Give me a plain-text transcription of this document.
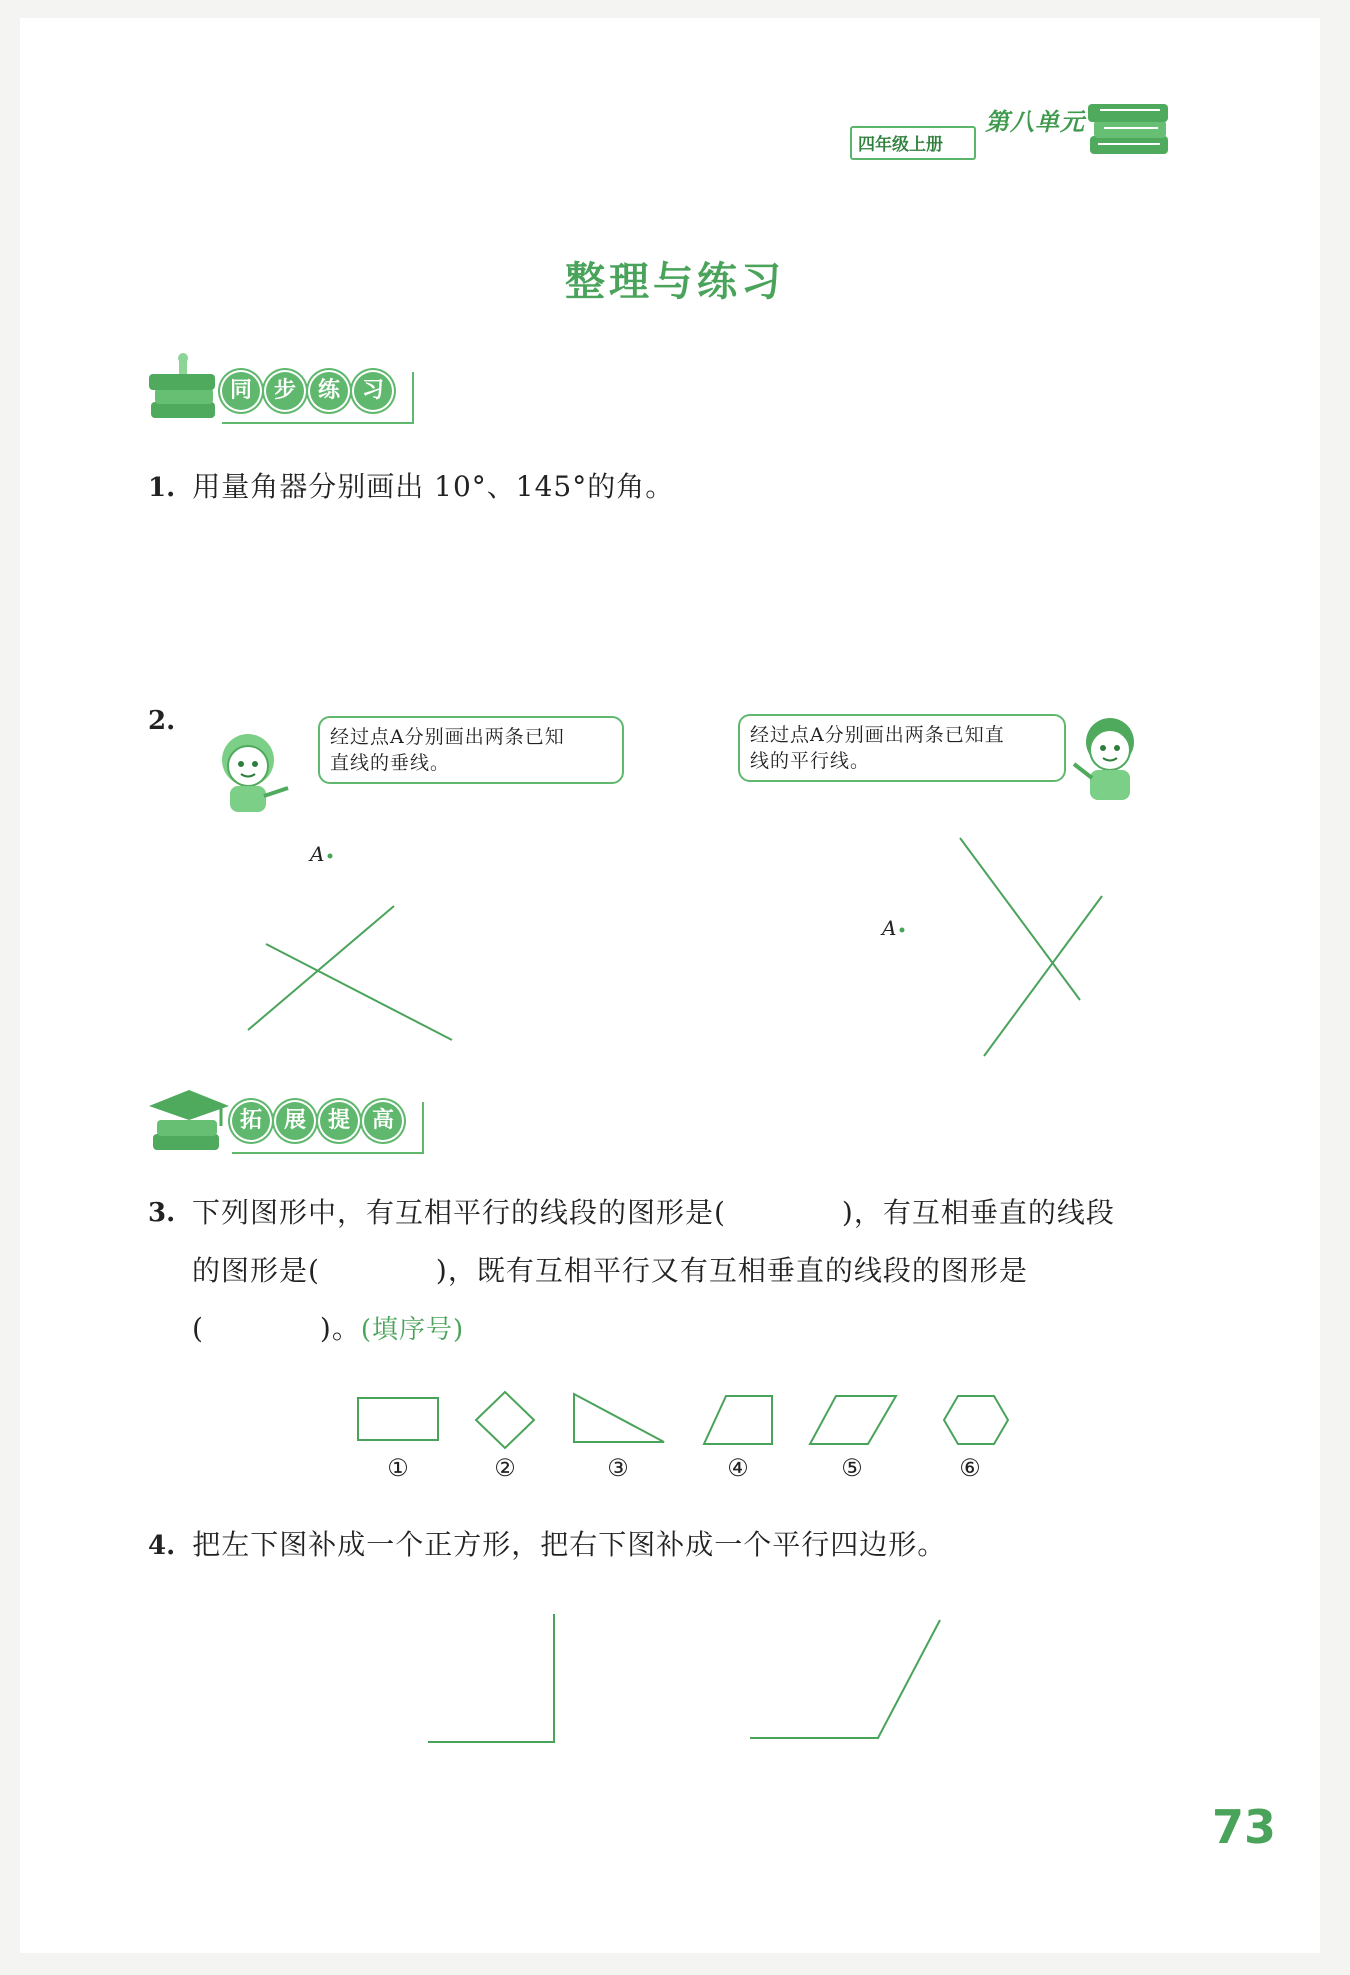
四年级上册
第八单元
整理与练习
同 步 练 习
1. 用量角器分别画出 10°、145°的角。
2.
经过点A分别画出两条已知
直线的垂线。
经过点A分别画出两条已知直
线的平行线。
A
A
拓 展 提 高
3. 下列图形中，有互相平行的线段的图形是(　　　　)，有互相垂直的线段
的图形是(　　　　)，既有互相平行又有互相垂直的线段的图形是
(　　　　)。(填序号)
①	②	③	④	⑤	⑥
4. 把左下图补成一个正方形，把右下图补成一个平行四边形。
73
